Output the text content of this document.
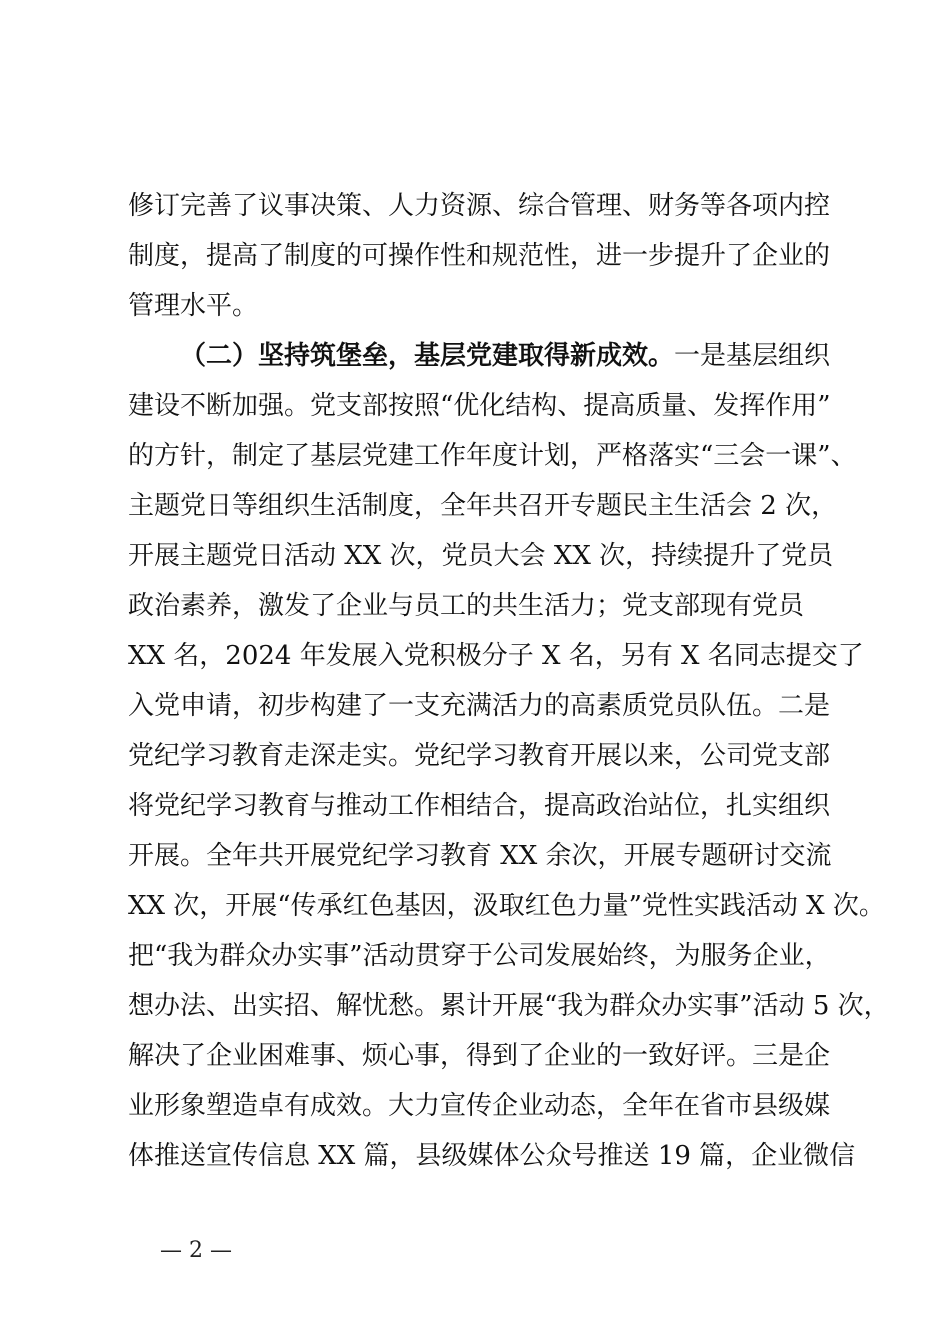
修订完善了议事决策、人力资源、综合管理、财务等各项内控
制度，提高了制度的可操作性和规范性，进一步提升了企业的
管理水平。
（二）坚持筑堡垒，基层党建取得新成效。一是基层组织
建设不断加强。党支部按照“优化结构、提高质量、发挥作用”
的方针，制定了基层党建工作年度计划，严格落实“三会一课”、
主题党日等组织生活制度，全年共召开专题民主生活会 2 次，
开展主题党日活动 XX 次，党员大会 XX 次，持续提升了党员
政治素养，激发了企业与员工的共生活力；党支部现有党员
XX 名，2024 年发展入党积极分子 X 名，另有 X 名同志提交了
入党申请，初步构建了一支充满活力的高素质党员队伍。二是
党纪学习教育走深走实。党纪学习教育开展以来，公司党支部
将党纪学习教育与推动工作相结合，提高政治站位，扎实组织
开展。全年共开展党纪学习教育 XX 余次，开展专题研讨交流
XX 次，开展“传承红色基因，汲取红色力量”党性实践活动 X 次。
把“我为群众办实事”活动贯穿于公司发展始终，为服务企业，
想办法、出实招、解忧愁。累计开展“我为群众办实事”活动 5 次，
解决了企业困难事、烦心事，得到了企业的一致好评。三是企
业形象塑造卓有成效。大力宣传企业动态，全年在省市县级媒
体推送宣传信息 XX 篇，县级媒体公众号推送 19 篇，企业微信
— 2 —
